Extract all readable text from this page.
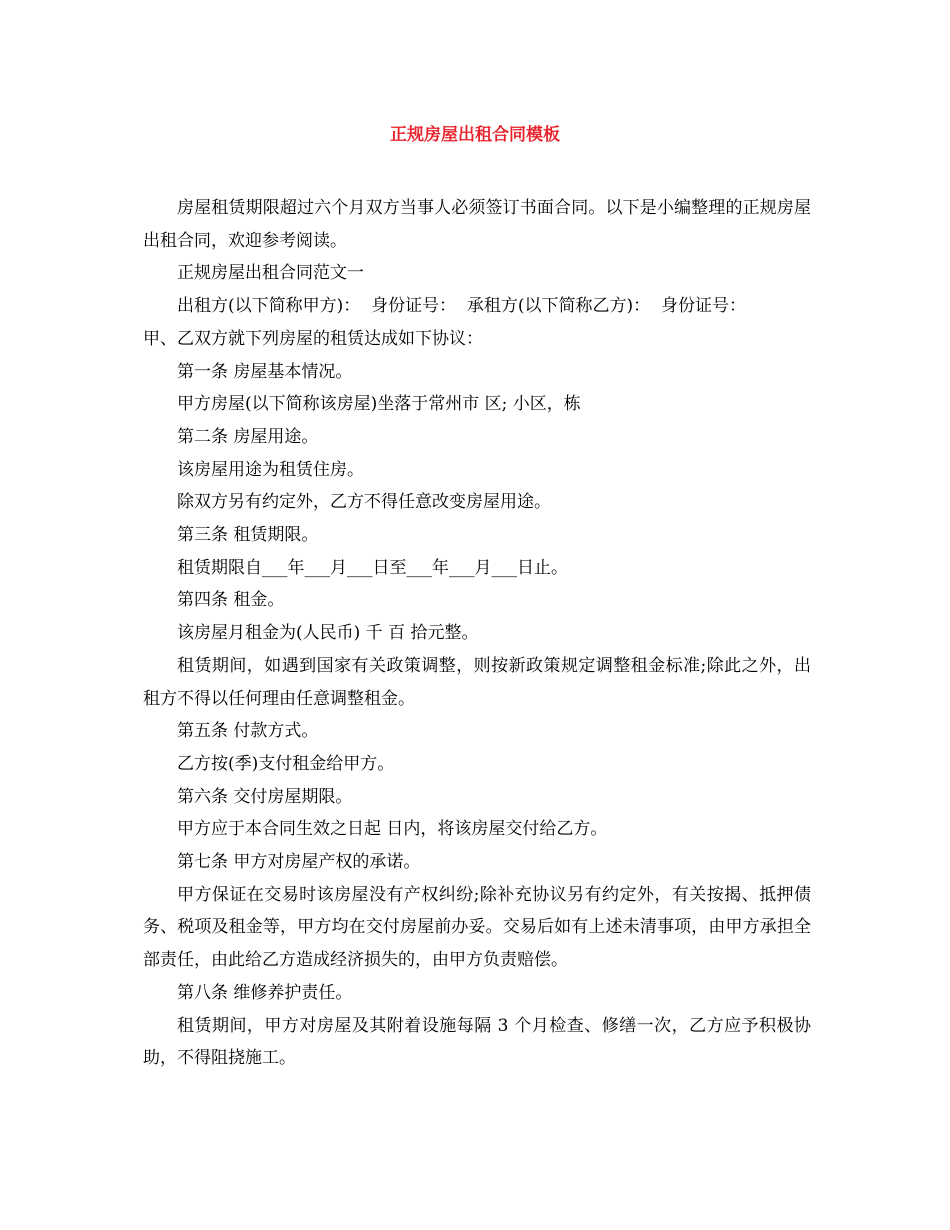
正规房屋出租合同模板

房屋租赁期限超过六个月双方当事人必须签订书面合同。以下是小编整理的正规房屋出租合同，欢迎参考阅读。

正规房屋出租合同范文一

出租方(以下简称甲方)：  身份证号：  承租方(以下简称乙方)：  身份证号：

甲、乙双方就下列房屋的租赁达成如下协议：

第一条 房屋基本情况。

甲方房屋(以下简称该房屋)坐落于常州市 区; 小区，栋

第二条 房屋用途。

该房屋用途为租赁住房。

除双方另有约定外，乙方不得任意改变房屋用途。

第三条 租赁期限。

租赁期限自___年___月___日至___年___月___日止。

第四条 租金。

该房屋月租金为(人民币) 千 百 拾元整。

租赁期间，如遇到国家有关政策调整，则按新政策规定调整租金标准;除此之外，出租方不得以任何理由任意调整租金。

第五条 付款方式。

乙方按(季)支付租金给甲方。

第六条 交付房屋期限。

甲方应于本合同生效之日起 日内，将该房屋交付给乙方。

第七条 甲方对房屋产权的承诺。

甲方保证在交易时该房屋没有产权纠纷;除补充协议另有约定外，有关按揭、抵押债务、税项及租金等，甲方均在交付房屋前办妥。交易后如有上述未清事项，由甲方承担全部责任，由此给乙方造成经济损失的，由甲方负责赔偿。

第八条 维修养护责任。

租赁期间，甲方对房屋及其附着设施每隔 3 个月检查、修缮一次，乙方应予积极协助，不得阻挠施工。
